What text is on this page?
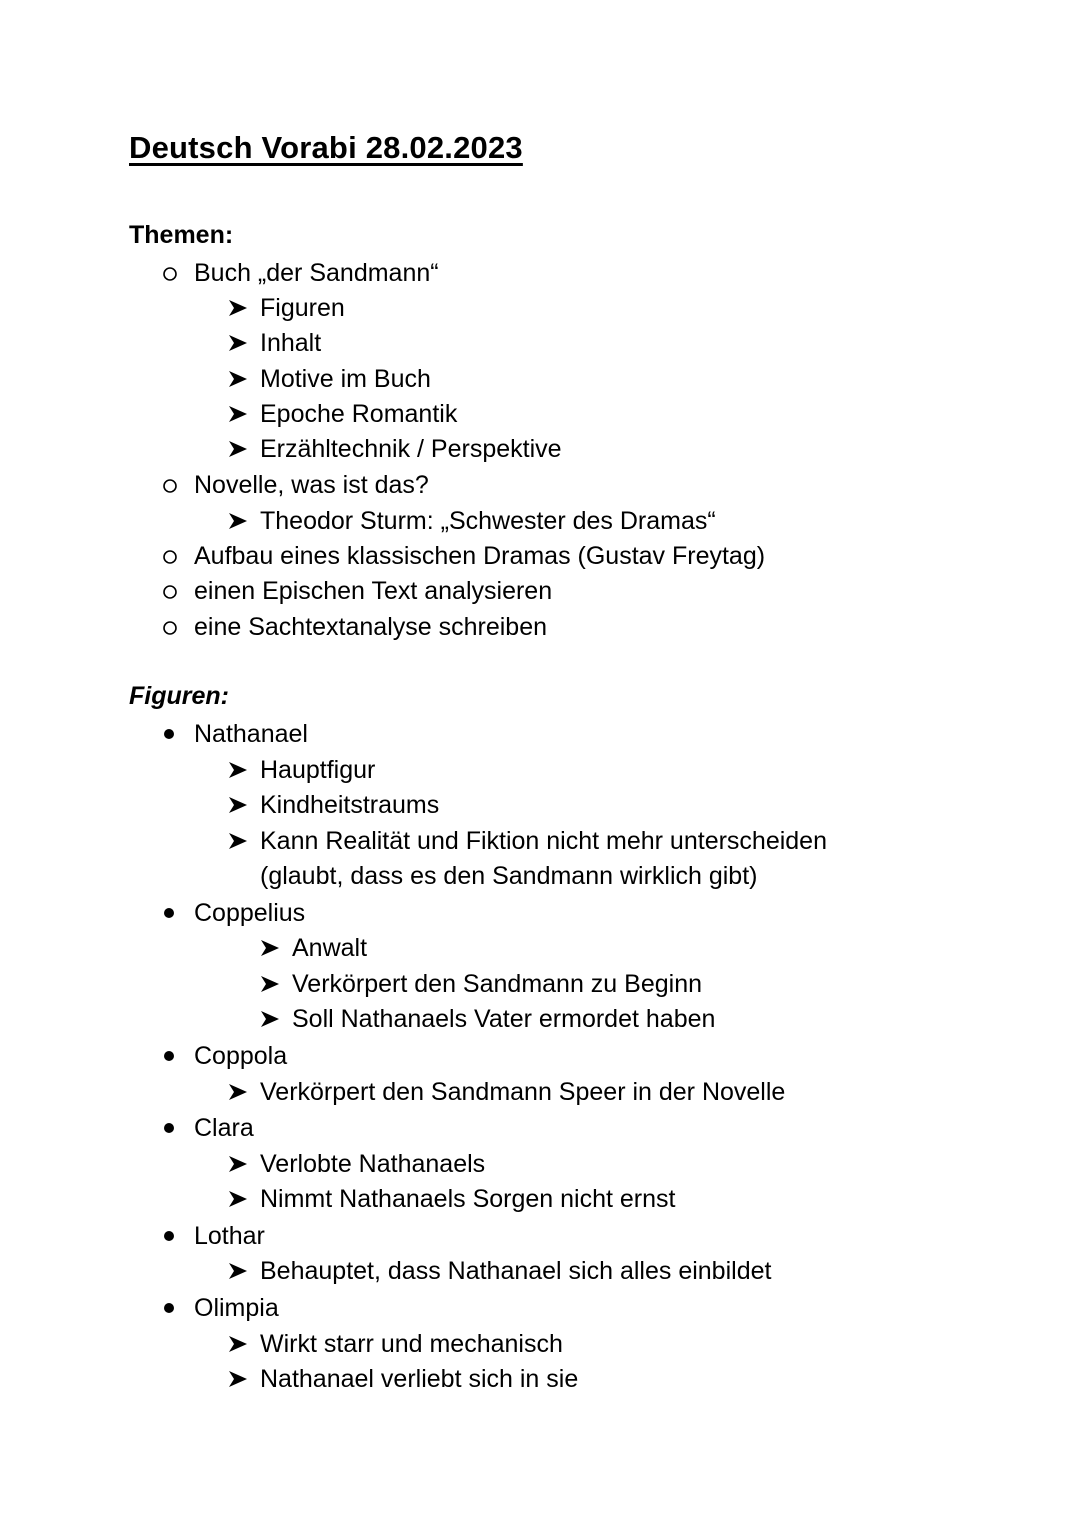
Deutsch Vorabi 28.02.2023
Themen:
Buch „der Sandmann“
Figuren
Inhalt
Motive im Buch
Epoche Romantik
Erzähltechnik / Perspektive
Novelle, was ist das?
Theodor Sturm: „Schwester des Dramas“
Aufbau eines klassischen Dramas (Gustav Freytag)
einen Epischen Text analysieren
eine Sachtextanalyse schreiben
Figuren:
Nathanael
Hauptfigur
Kindheitstraums
Kann Realität und Fiktion nicht mehr unterscheiden
(glaubt, dass es den Sandmann wirklich gibt)
Coppelius
Anwalt
Verkörpert den Sandmann zu Beginn
Soll Nathanaels Vater ermordet haben
Coppola
Verkörpert den Sandmann Speer in der Novelle
Clara
Verlobte Nathanaels
Nimmt Nathanaels Sorgen nicht ernst
Lothar
Behauptet, dass Nathanael sich alles einbildet
Olimpia
Wirkt starr und mechanisch
Nathanael verliebt sich in sie
